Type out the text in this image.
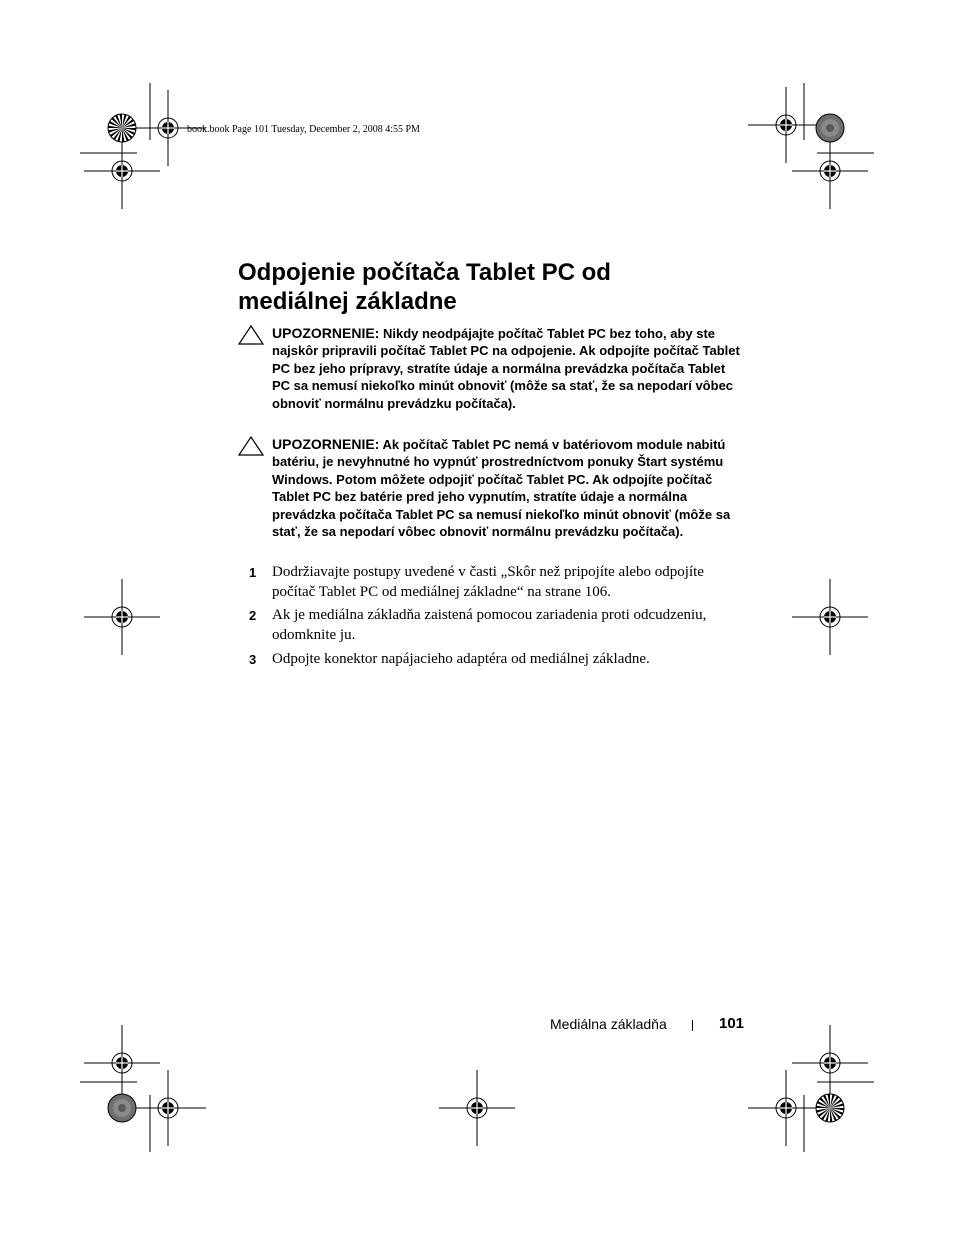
book.book Page 101 Tuesday, December 2, 2008 4:55 PM
Odpojenie počítača Tablet PC od
mediálnej základne

UPOZORNENIE: Nikdy neodpájajte počítač Tablet PC bez toho, aby ste najskôr pripravili počítač Tablet PC na odpojenie. Ak odpojíte počítač Tablet PC bez jeho prípravy, stratíte údaje a normálna prevádzka počítača Tablet PC sa nemusí niekoľko minút obnoviť (môže sa stať, že sa nepodarí vôbec obnoviť normálnu prevádzku počítača).

UPOZORNENIE: Ak počítač Tablet PC nemá v batériovom module nabitú batériu, je nevyhnutné ho vypnúť prostredníctvom ponuky Štart systému Windows. Potom môžete odpojiť počítač Tablet PC. Ak odpojíte počítač Tablet PC bez batérie pred jeho vypnutím, stratíte údaje a normálna prevádzka počítača Tablet PC sa nemusí niekoľko minút obnoviť (môže sa stať, že sa nepodarí vôbec obnoviť normálnu prevádzku počítača).

1 Dodržiavajte postupy uvedené v časti „Skôr než pripojíte alebo odpojíte počítač Tablet PC od mediálnej základne“ na strane 106.

2 Ak je mediálna základňa zaistená pomocou zariadenia proti odcudzeniu, odomknite ju.

3 Odpojte konektor napájacieho adaptéra od mediálnej základne.

Mediálna základňa	101
